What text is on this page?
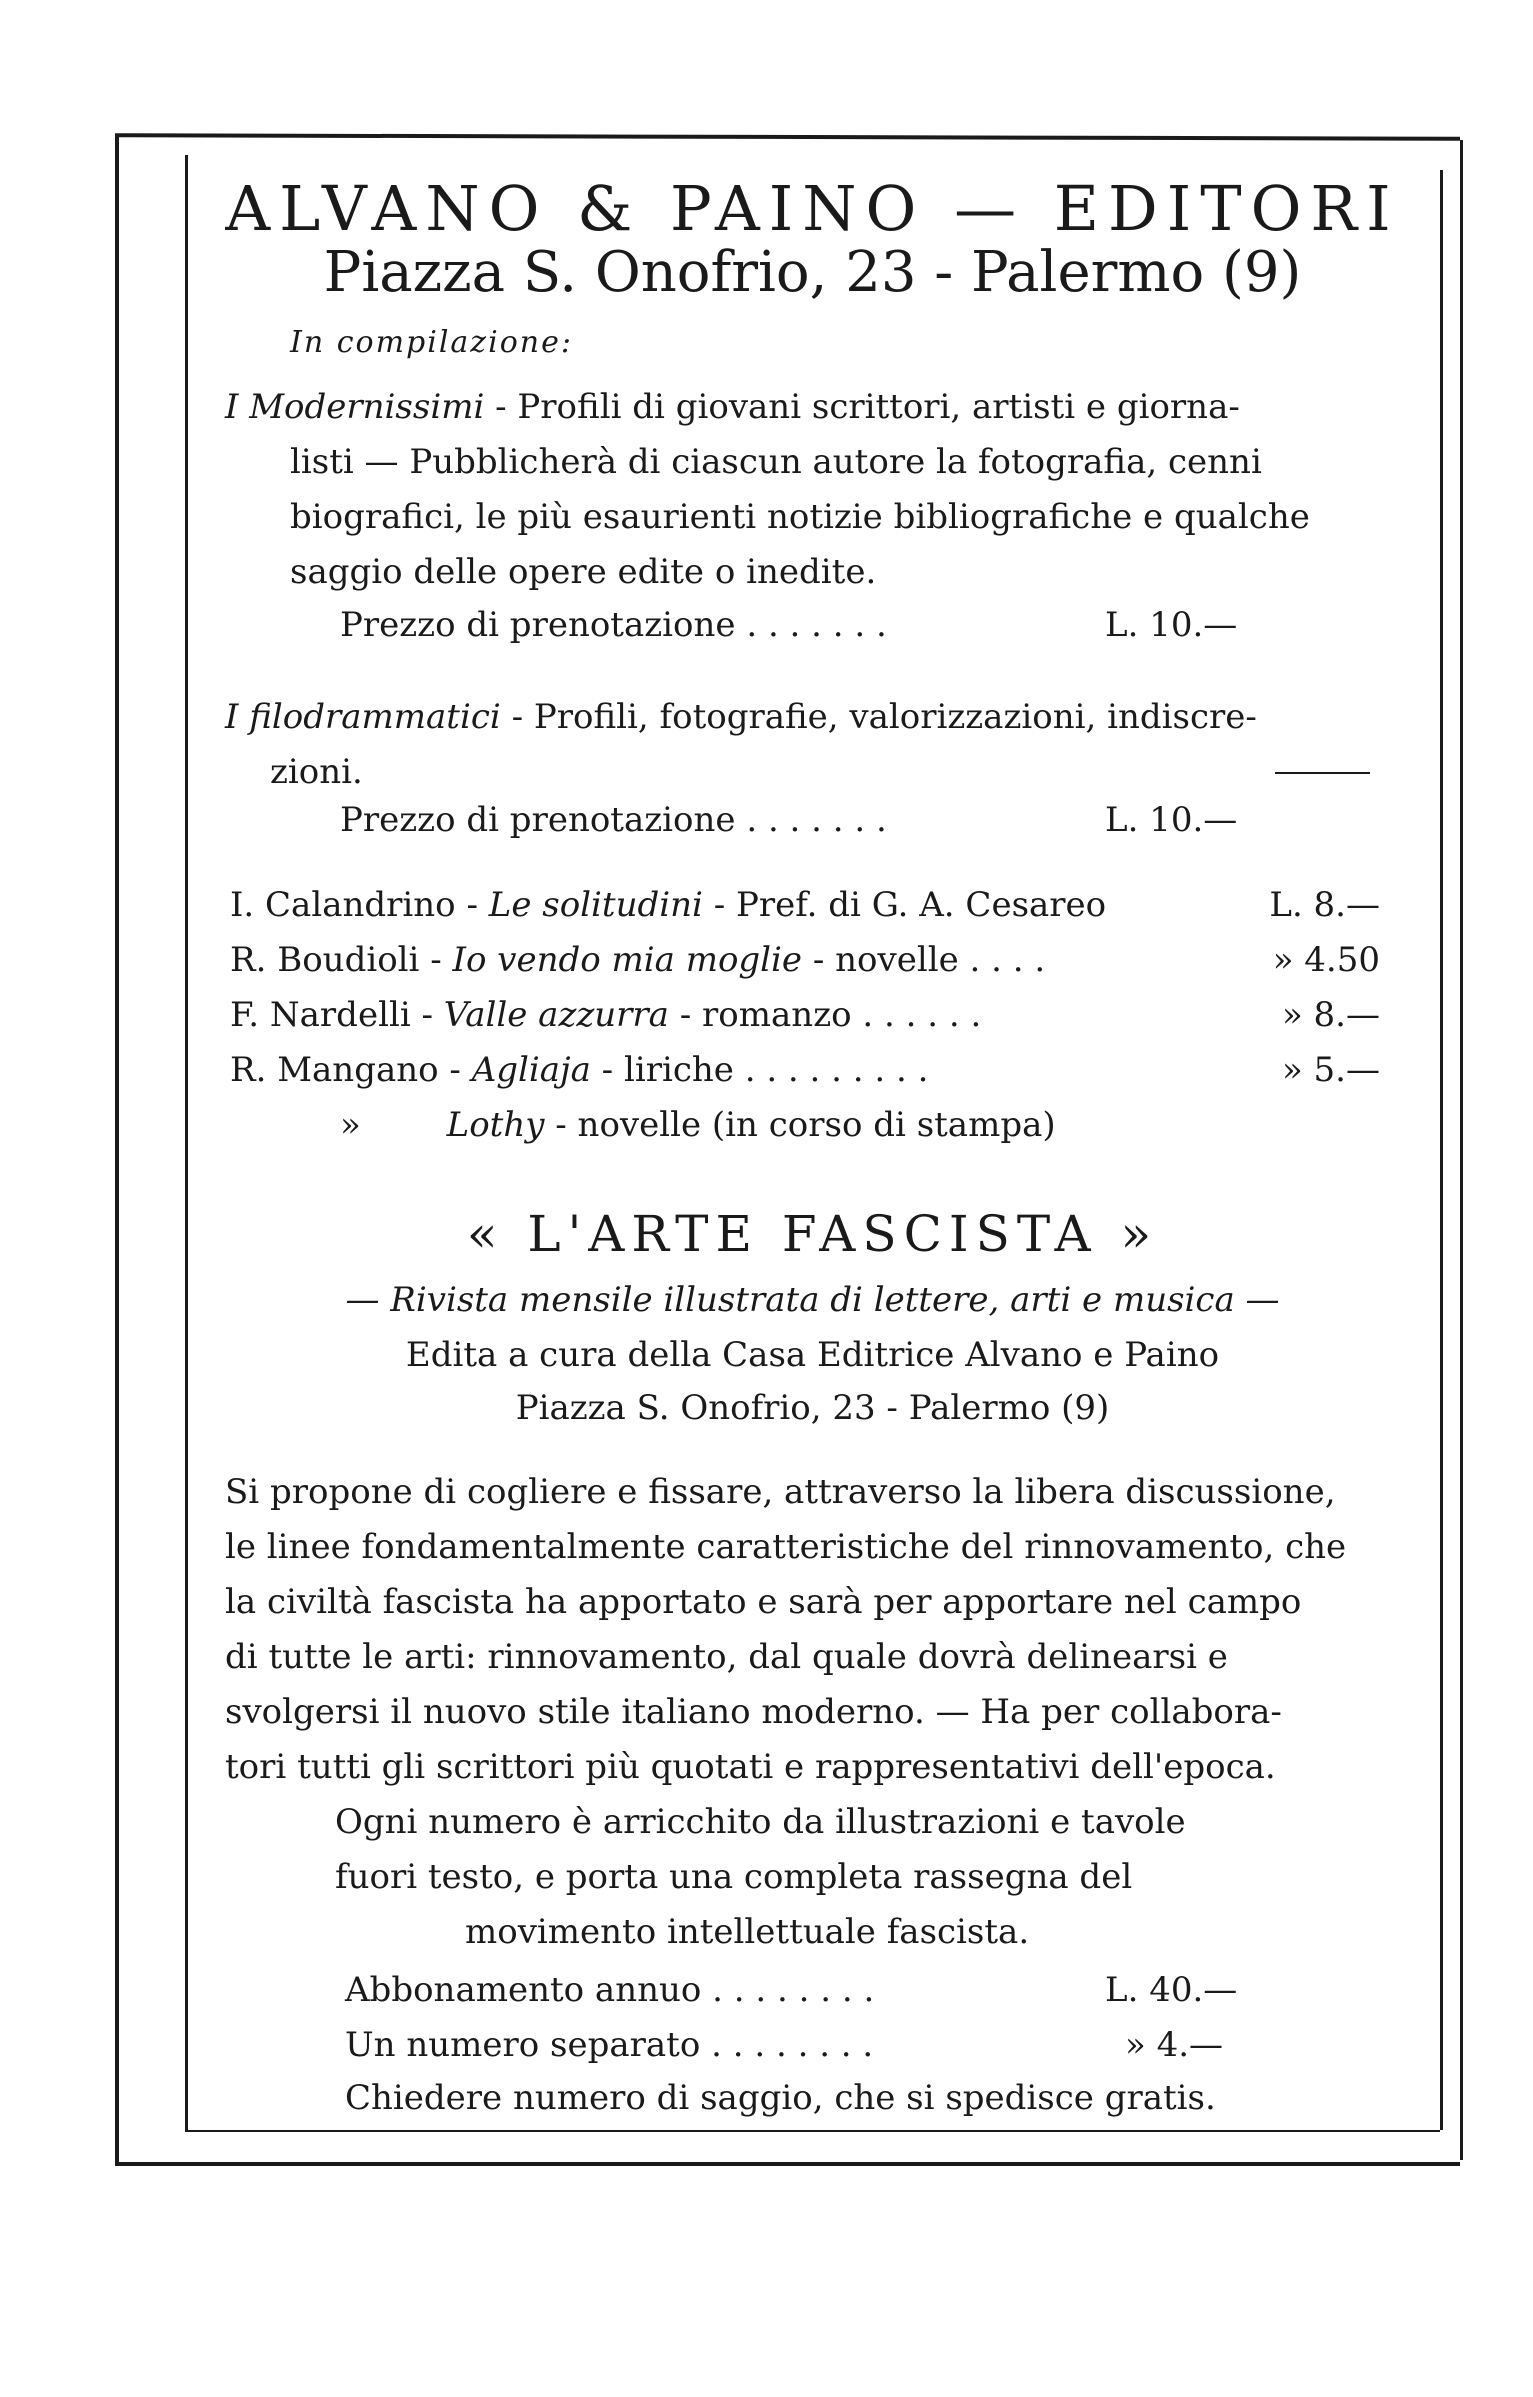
ALVANO & PAINO — EDITORI
Piazza S. Onofrio, 23 - Palermo (9)
In compilazione:
I Modernissimi - Profili di giovani scrittori, artisti e giorna-
listi — Pubblicherà di ciascun autore la fotografia, cenni
biografici, le più esaurienti notizie bibliografiche e qualche
saggio delle opere edite o inedite.
Prezzo di prenotazione . . . . . . .	L. 10.—
I filodrammatici - Profili, fotografie, valorizzazioni, indiscre-
zioni.
Prezzo di prenotazione . . . . . . .	L. 10.—
I. Calandrino - Le solitudini - Pref. di G. A. Cesareo	L. 8.—
R. Boudioli - Io vendo mia moglie - novelle . . . .	» 4.50
F. Nardelli - Valle azzurra - romanzo . . . . . .	» 8.—
R. Mangano - Agliaja - liriche . . . . . . . . .	» 5.—
» Lothy - novelle (in corso di stampa)
« L'ARTE FASCISTA »
— Rivista mensile illustrata di lettere, arti e musica —
Edita a cura della Casa Editrice Alvano e Paino
Piazza S. Onofrio, 23 - Palermo (9)
Si propone di cogliere e fissare, attraverso la libera discussione,
le linee fondamentalmente caratteristiche del rinnovamento, che
la civiltà fascista ha apportato e sarà per apportare nel campo
di tutte le arti: rinnovamento, dal quale dovrà delinearsi e
svolgersi il nuovo stile italiano moderno. — Ha per collabora-
tori tutti gli scrittori più quotati e rappresentativi dell'epoca.
Ogni numero è arricchito da illustrazioni e tavole
fuori testo, e porta una completa rassegna del
movimento intellettuale fascista.
Abbonamento annuo . . . . . . . .	L. 40.—
Un numero separato . . . . . . . .	» 4.—
Chiedere numero di saggio, che si spedisce gratis.
